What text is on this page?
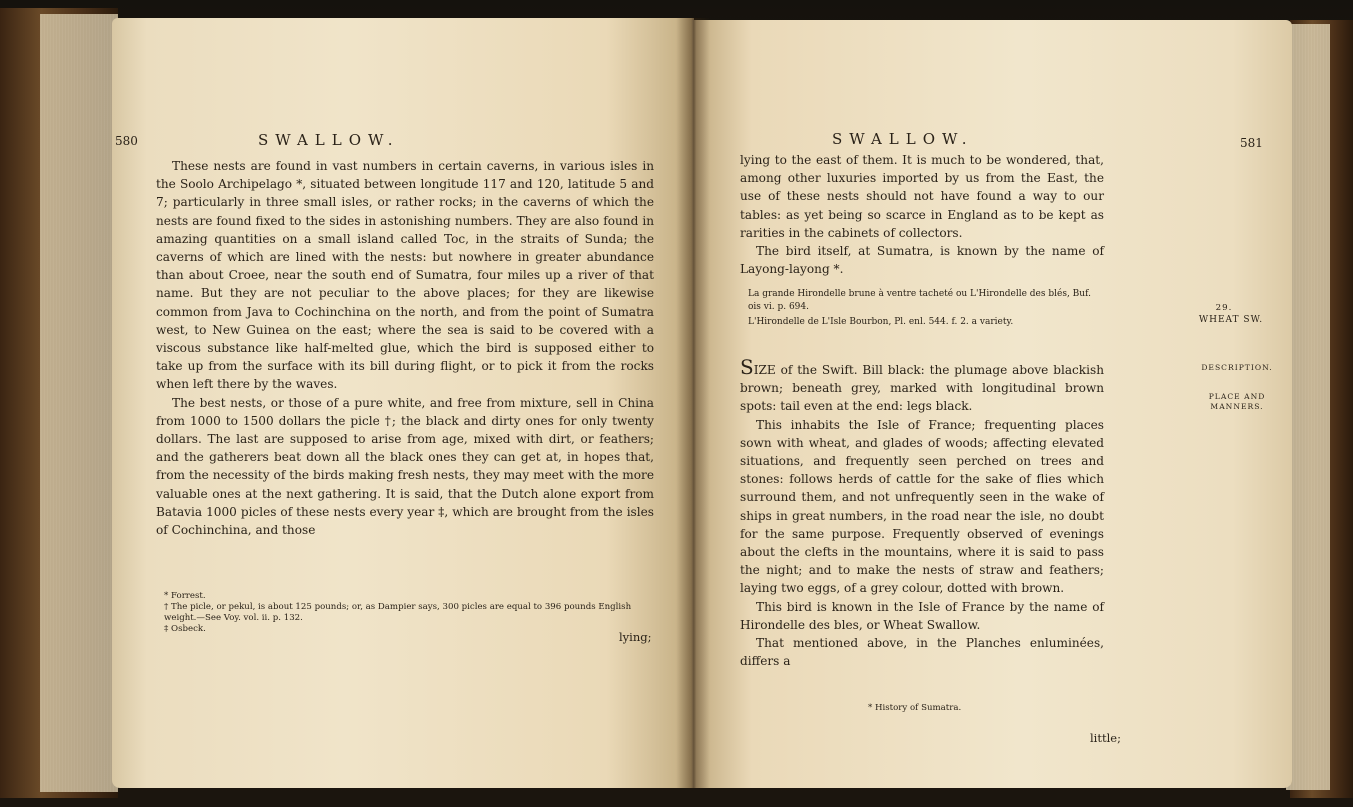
580	SWALLOW.

These nests are found in vast numbers in certain caverns, in various isles in the Soolo Archipelago *, situated between longitude 117 and 120, latitude 5 and 7; particularly in three small isles, or rather rocks; in the caverns of which the nests are found fixed to the sides in astonishing numbers. They are also found in amazing quantities on a small island called Toc, in the straits of Sunda; the caverns of which are lined with the nests: but nowhere in greater abundance than about Croee, near the south end of Sumatra, four miles up a river of that name. But they are not peculiar to the above places; for they are likewise common from Java to Cochinchina on the north, and from the point of Sumatra west, to New Guinea on the east; where the sea is said to be covered with a viscous substance like half-melted glue, which the bird is supposed either to take up from the surface with its bill during flight, or to pick it from the rocks when left there by the waves.

The best nests, or those of a pure white, and free from mixture, sell in China from 1000 to 1500 dollars the picle †; the black and dirty ones for only twenty dollars. The last are supposed to arise from age, mixed with dirt, or feathers; and the gatherers beat down all the black ones they can get at, in hopes that, from the necessity of the birds making fresh nests, they may meet with the more valuable ones at the next gathering. It is said, that the Dutch alone export from Batavia 1000 picles of these nests every year ‡, which are brought from the isles of Cochinchina, and those

* Forrest.
† The picle, or pekul, is about 125 pounds; or, as Dampier says, 300 picles are equal to 396 pounds English weight.—See Voy. vol. ii. p. 132.
‡ Osbeck.
lying;
SWALLOW.	581

lying to the east of them. It is much to be wondered, that, among other luxuries imported by us from the East, the use of these nests should not have found a way to our tables: as yet being so scarce in England as to be kept as rarities in the cabinets of collectors.

The bird itself, at Sumatra, is known by the name of Layong-layong *.

La grande Hirondelle brune à ventre tacheté ou L'Hirondelle des blés, Buf. ois vi. p. 694.
L'Hirondelle de L'Isle Bourbon, Pl. enl. 544. f. 2. a variety.
29.
WHEAT SW.
DESCRIPTION.
PLACE AND
MANNERS.

SIZE of the Swift. Bill black: the plumage above blackish brown; beneath grey, marked with longitudinal brown spots: tail even at the end: legs black.

This inhabits the Isle of France; frequenting places sown with wheat, and glades of woods; affecting elevated situations, and frequently seen perched on trees and stones: follows herds of cattle for the sake of flies which surround them, and not unfrequently seen in the wake of ships in great numbers, in the road near the isle, no doubt for the same purpose. Frequently observed of evenings about the clefts in the mountains, where it is said to pass the night; and to make the nests of straw and feathers; laying two eggs, of a grey colour, dotted with brown.

This bird is known in the Isle of France by the name of Hirondelle des bles, or Wheat Swallow.

That mentioned above, in the Planches enluminées, differs a

* History of Sumatra.
little;
